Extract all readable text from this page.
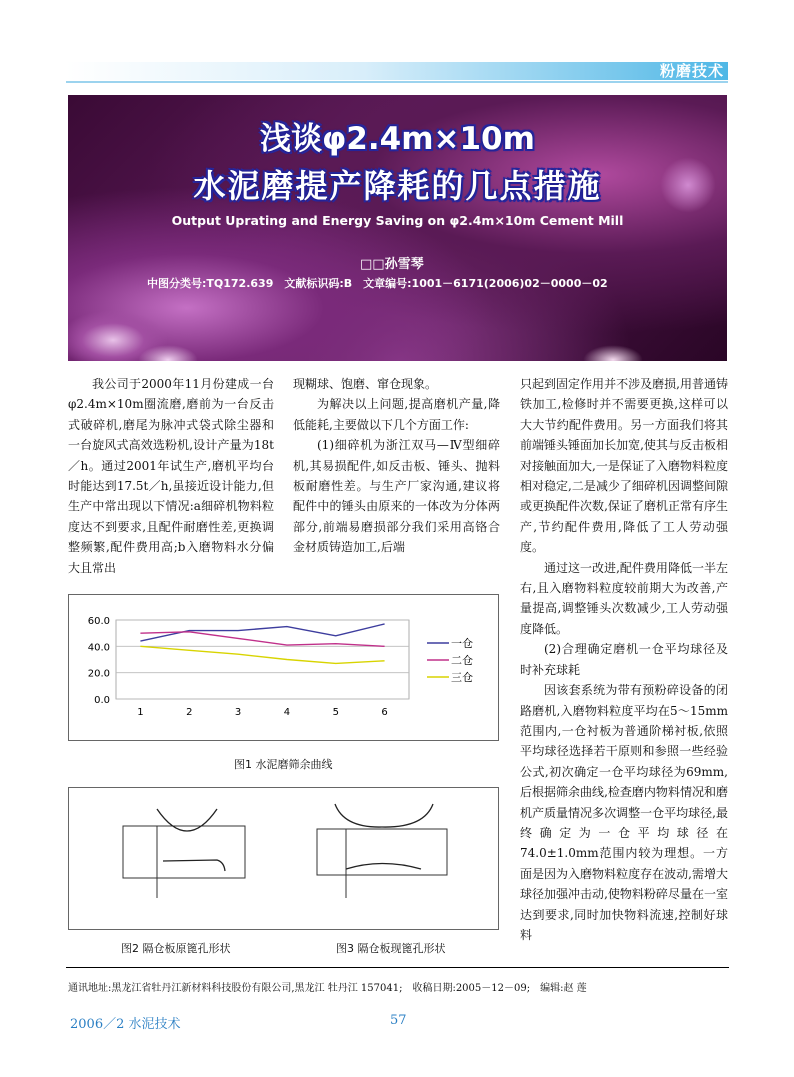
粉磨技术
浅谈φ2.4m×10m
水泥磨提产降耗的几点措施
Output Uprating and Energy Saving on φ2.4m×10m Cement Mill
□□孙雪琴
中图分类号:TQ172.639　文献标识码:B　文章编号:1001－6171(2006)02－0000－02

我公司于2000年11月份建成一台φ2.4m×10m圈流磨,磨前为一台反击式破碎机,磨尾为脉冲式袋式除尘器和一台旋风式高效选粉机,设计产量为18t／h。通过2001年试生产,磨机平均台时能达到17.5t／h,虽接近设计能力,但生产中常出现以下情况:a细碎机物料粒度达不到要求,且配件耐磨性差,更换调整频繁,配件费用高;b入磨物料水分偏大且常出

现糊球、饱磨、窜仓现象。

为解决以上问题,提高磨机产量,降低能耗,主要做以下几个方面工作:

(1)细碎机为浙江双马—Ⅳ型细碎机,其易损配件,如反击板、锤头、抛料板耐磨性差。与生产厂家沟通,建议将配件中的锤头由原来的一体改为分体两部分,前端易磨损部分我们采用高铬合金材质铸造加工,后端

只起到固定作用并不涉及磨损,用普通铸铁加工,检修时并不需要更换,这样可以大大节约配件费用。另一方面我们将其前端锤头锤面加长加宽,使其与反击板相对接触面加大,一是保证了入磨物料粒度相对稳定,二是减少了细碎机因调整间隙或更换配件次数,保证了磨机正常有序生产,节约配件费用,降低了工人劳动强度。

通过这一改进,配件费用降低一半左右,且入磨物料粒度较前期大为改善,产量提高,调整锤头次数减少,工人劳动强度降低。

(2)合理确定磨机一仓平均球径及时补充球耗

因该套系统为带有预粉碎设备的闭路磨机,入磨物料粒度平均在5～15mm范围内,一仓衬板为普通阶梯衬板,依照平均球径选择若干原则和参照一些经验公式,初次确定一仓平均球径为69mm,后根据筛余曲线,检查磨内物料情况和磨机产质量情况多次调整一仓平均球径,最终确定为一仓平均球径在74.0±1.0mm范围内较为理想。一方面是因为入磨物料粒度存在波动,需增大球径加强冲击动,使物料粉碎尽量在一室达到要求,同时加快物料流速,控制好球料

0.0
20.0
40.0
60.0
1	2	3	4	5	6
一仓
二仓
三仓
图1 水泥磨筛余曲线
图2 隔仓板原篦孔形状	图3 隔仓板现篦孔形状
通讯地址:黑龙江省牡丹江新材料科技股份有限公司,黑龙江 牡丹江 157041;　收稿日期:2005－12－09;　编辑:赵 莲
2006／2 水泥技术	57
